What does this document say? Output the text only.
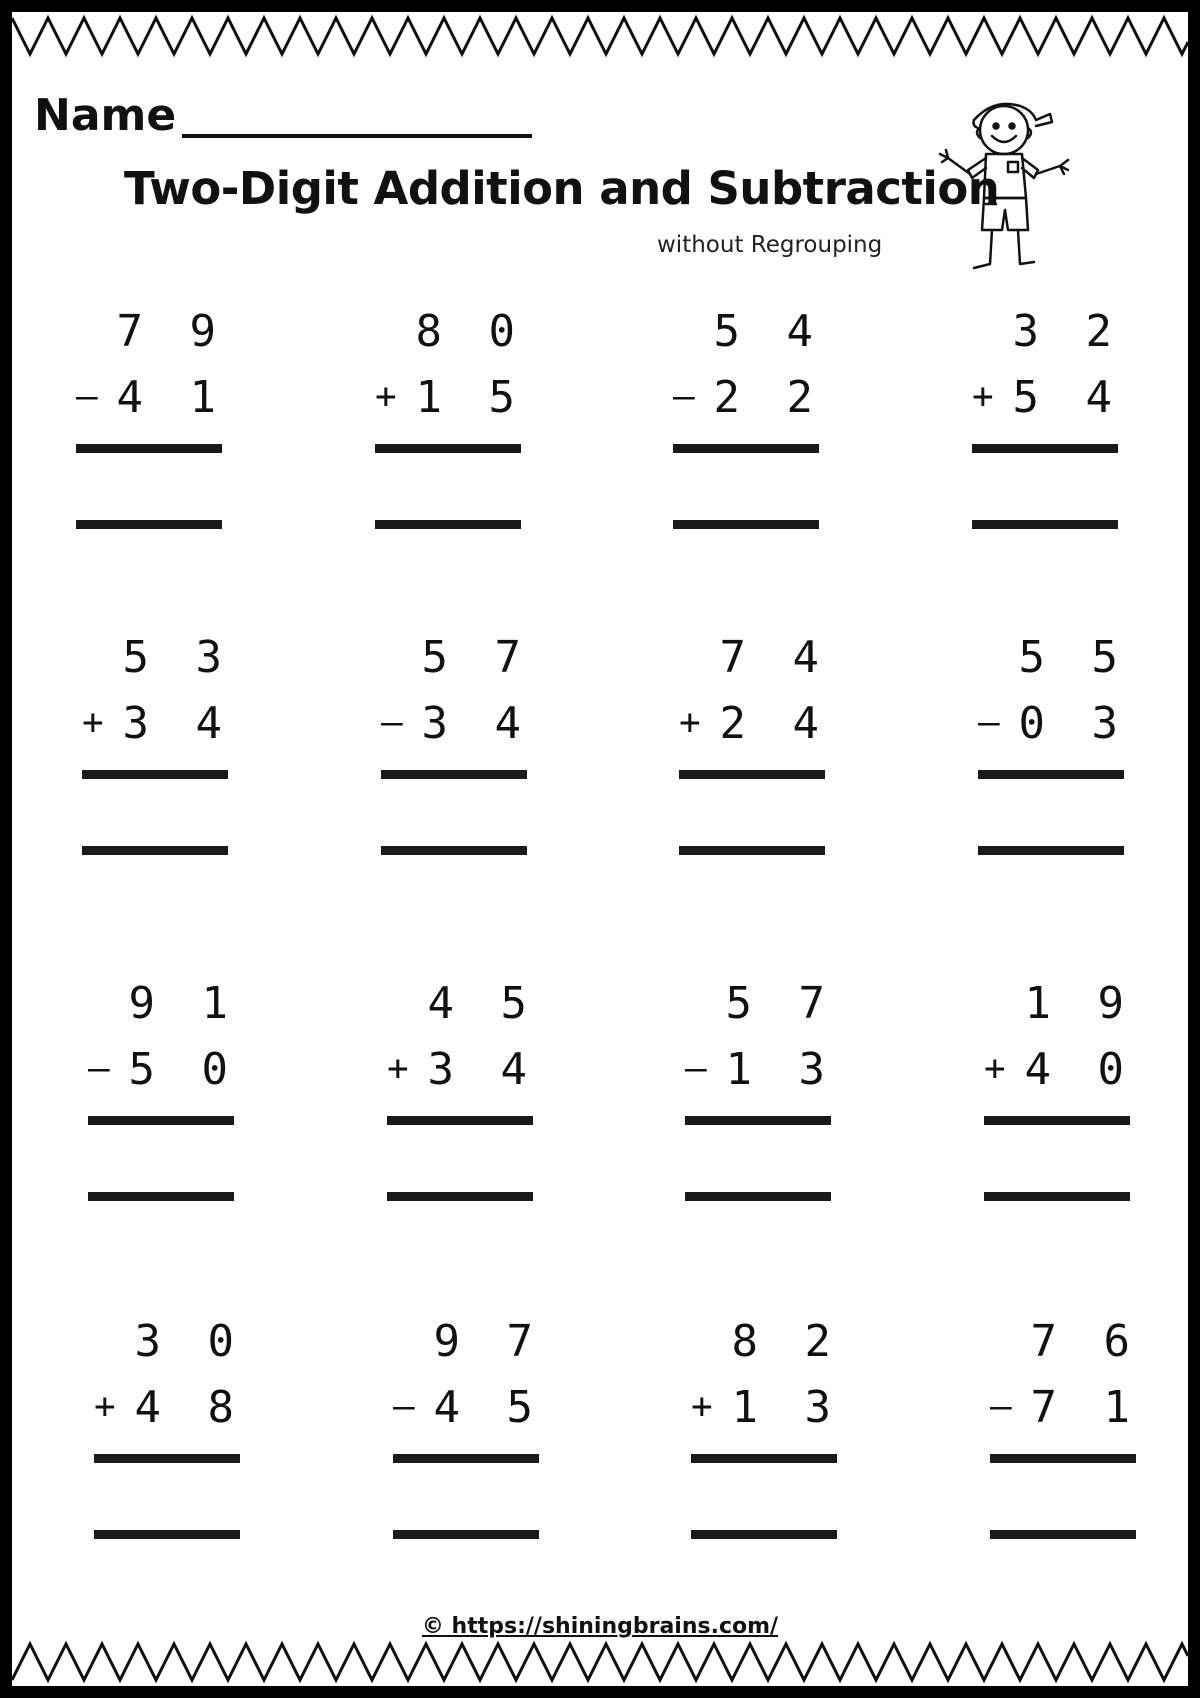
Name
Two-Digit Addition and Subtraction
without Regrouping
7 9
– 4 1
8 0
+ 1 5
5 4
– 2 2
3 2
+ 5 4
5 3
+ 3 4
5 7
– 3 4
7 4
+ 2 4
5 5
– 0 3
9 1
– 5 0
4 5
+ 3 4
5 7
– 1 3
1 9
+ 4 0
3 0
+ 4 8
9 7
– 4 5
8 2
+ 1 3
7 6
– 7 1
© https://shiningbrains.com/
